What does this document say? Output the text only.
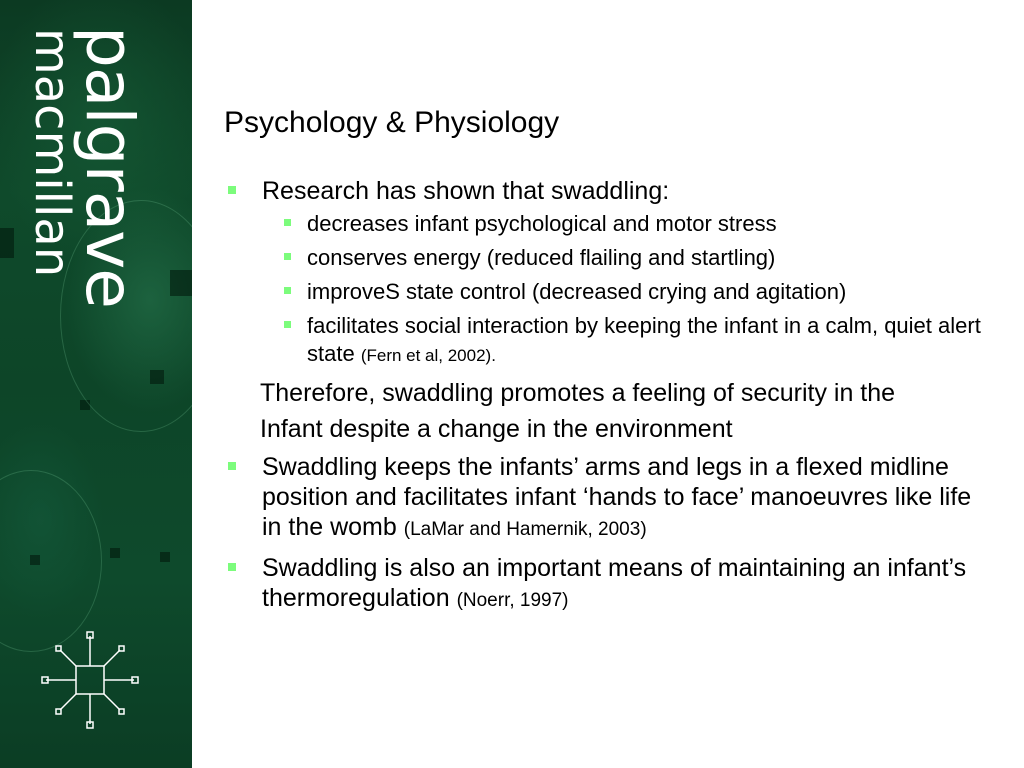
palgrave
macmillan	Psychology & Physiology
Research has shown that swaddling:
decreases infant psychological and motor stress
conserves energy (reduced flailing and startling)
improveS state control (decreased crying and agitation)
facilitates social interaction by keeping the infant in a calm, quiet alert state (Fern et al, 2002).
Therefore, swaddling promotes a feeling of security in the
Infant despite a change in the environment
Swaddling keeps the infants’ arms and legs in a flexed midline position and facilitates infant ‘hands to face’ manoeuvres like life in the womb (LaMar and Hamernik, 2003)
Swaddling is also an important means of maintaining an infant’s thermoregulation (Noerr, 1997)
